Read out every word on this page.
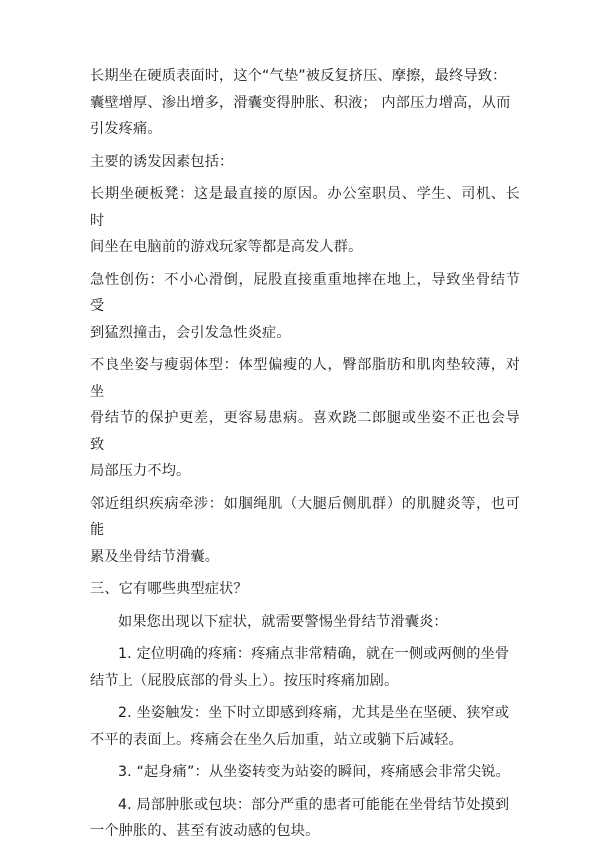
长期坐在硬质表面时，这个“气垫”被反复挤压、摩擦，最终导致：
囊壁增厚、渗出增多，滑囊变得肿胀、积液； 内部压力增高，从而
引发疼痛。
主要的诱发因素包括：
长期坐硬板凳：这是最直接的原因。办公室职员、学生、司机、长时
间坐在电脑前的游戏玩家等都是高发人群。
急性创伤：不小心滑倒，屁股直接重重地摔在地上，导致坐骨结节受
到猛烈撞击，会引发急性炎症。
不良坐姿与瘦弱体型：体型偏瘦的人，臀部脂肪和肌肉垫较薄，对坐
骨结节的保护更差，更容易患病。喜欢跷二郎腿或坐姿不正也会导致
局部压力不均。
邻近组织疾病牵涉：如腘绳肌（大腿后侧肌群）的肌腱炎等，也可能
累及坐骨结节滑囊。
三、它有哪些典型症状？
如果您出现以下症状，就需要警惕坐骨结节滑囊炎：
1. 定位明确的疼痛：疼痛点非常精确，就在一侧或两侧的坐骨
结节上（屁股底部的骨头上）。按压时疼痛加剧。
2. 坐姿触发：坐下时立即感到疼痛，尤其是坐在坚硬、狭窄或
不平的表面上。疼痛会在坐久后加重，站立或躺下后减轻。
3. “起身痛”：从坐姿转变为站姿的瞬间，疼痛感会非常尖锐。
4. 局部肿胀或包块：部分严重的患者可能能在坐骨结节处摸到
一个肿胀的、甚至有波动感的包块。
